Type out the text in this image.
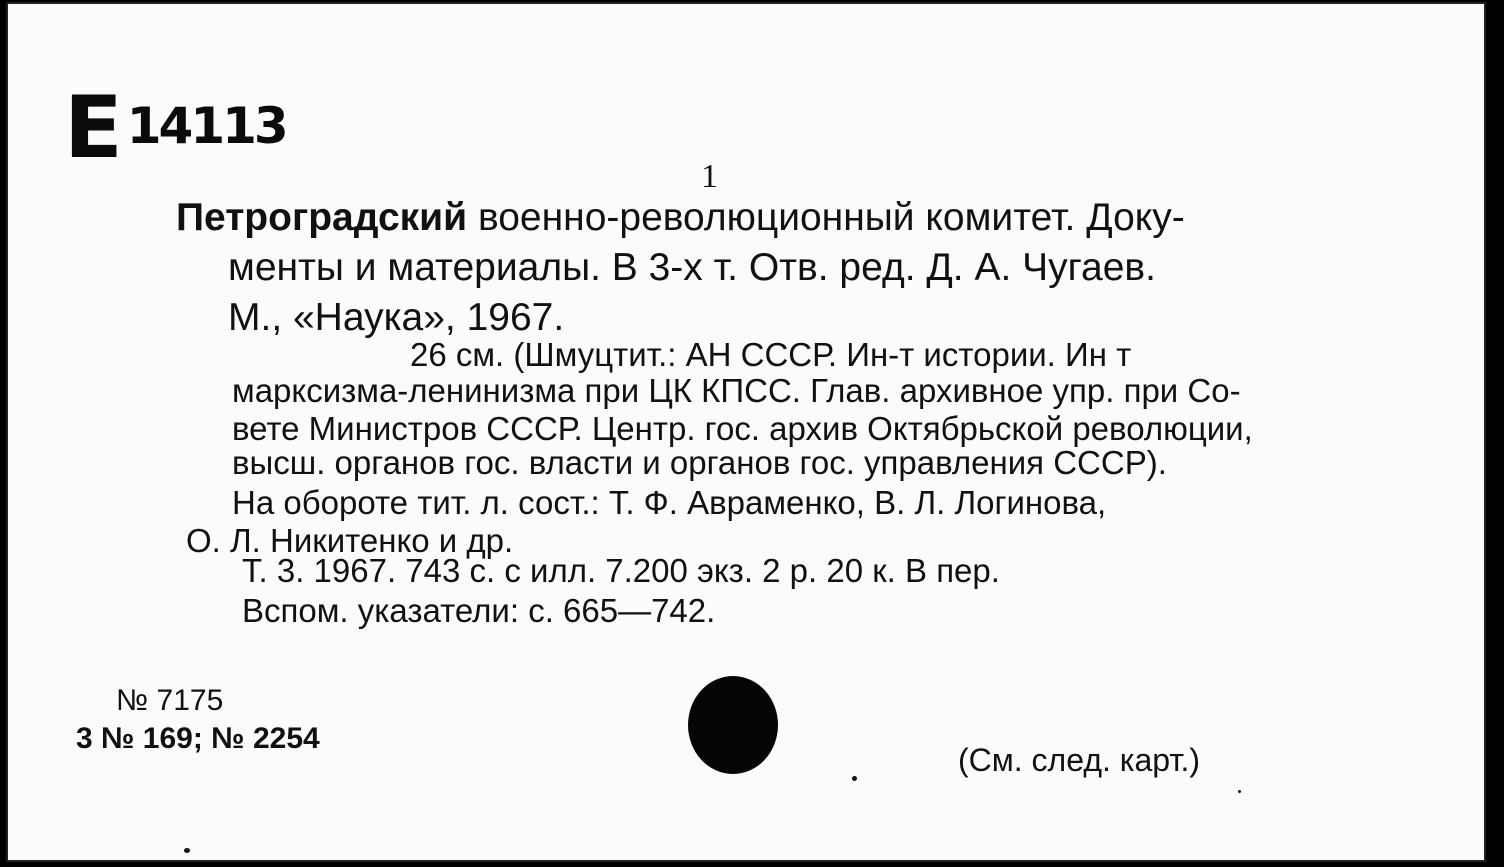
Е 14113
1
Петроградский военно-революционный комитет. Доку-
менты и материалы. В 3-х т. Отв. ред. Д. А. Чугаев.
М., «Наука», 1967.
26 см. (Шмуцтит.: АН СССР. Ин-т истории. Ин т
марксизма-ленинизма при ЦК КПСС. Глав. архивное упр. при Со-
вете Министров СССР. Центр. гос. архив Октябрьской революции,
высш. органов гос. власти и органов гос. управления СССР).
На обороте тит. л. сост.: Т. Ф. Авраменко, В. Л. Логинова,
О. Л. Никитенко и др.
Т. 3. 1967. 743 с. с илл. 7.200 экз. 2 р. 20 к. В пер.
Вспом. указатели: с. 665—742.
№ 7175
3 № 169; № 2254
(См. след. карт.)
